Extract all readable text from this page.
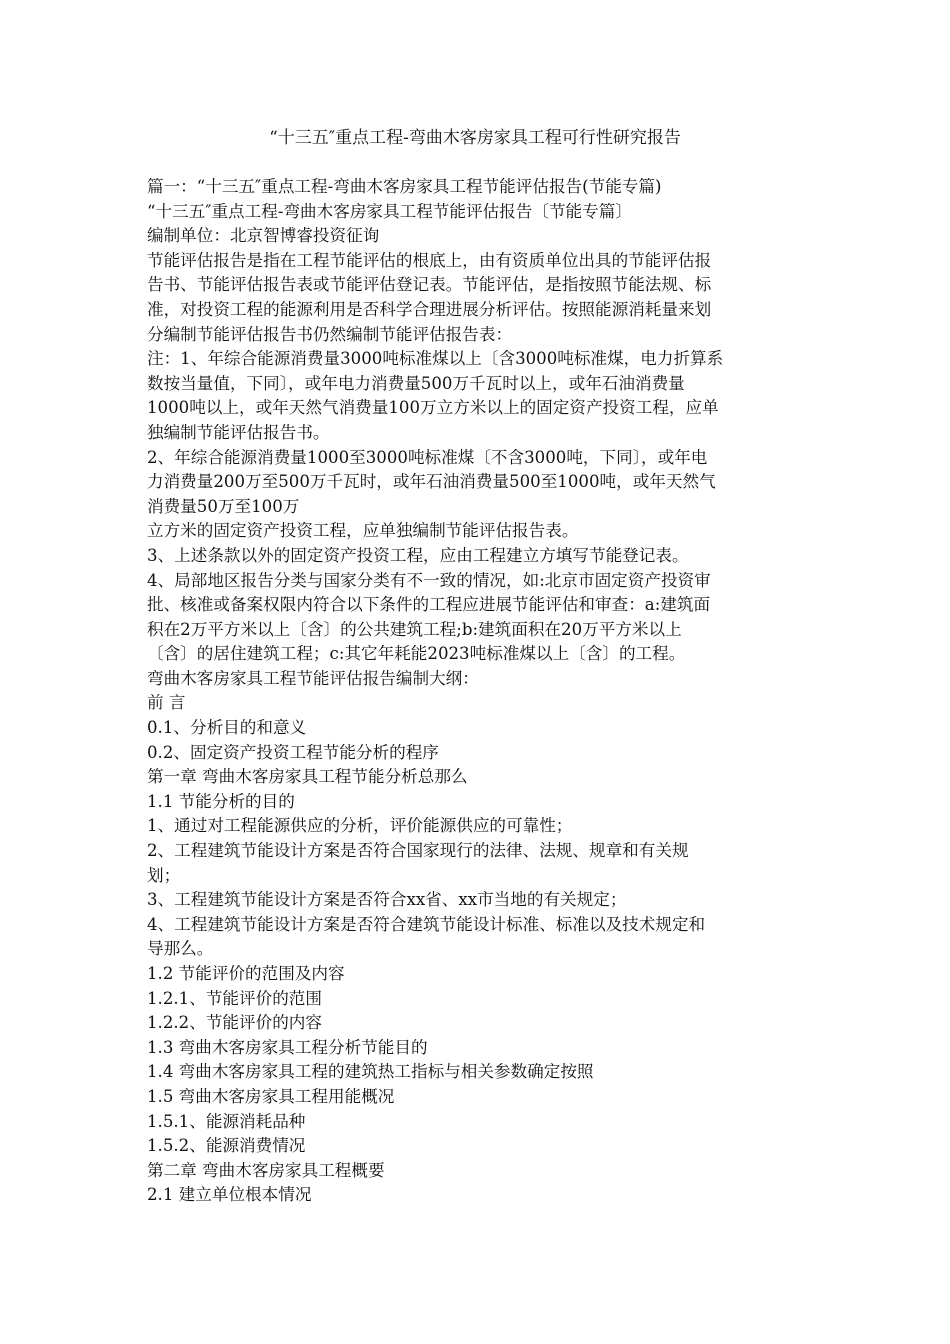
“十三五″重点工程-弯曲木客房家具工程可行性研究报告
篇一：“十三五″重点工程-弯曲木客房家具工程节能评估报告(节能专篇)
“十三五″重点工程-弯曲木客房家具工程节能评估报告〔节能专篇〕
编制单位：北京智博睿投资征询
节能评估报告是指在工程节能评估的根底上，由有资质单位出具的节能评估报
告书、节能评估报告表或节能评估登记表。节能评估，是指按照节能法规、标
准，对投资工程的能源利用是否科学合理进展分析评估。按照能源消耗量来划
分编制节能评估报告书仍然编制节能评估报告表：
注：1、年综合能源消费量3000吨标准煤以上〔含3000吨标准煤，电力折算系
数按当量值，下同〕，或年电力消费量500万千瓦时以上，或年石油消费量
1000吨以上，或年天然气消费量100万立方米以上的固定资产投资工程，应单
独编制节能评估报告书。
2、年综合能源消费量1000至3000吨标准煤〔不含3000吨，下同〕，或年电
力消费量200万至500万千瓦时，或年石油消费量500至1000吨，或年天然气
消费量50万至100万
立方米的固定资产投资工程，应单独编制节能评估报告表。
3、上述条款以外的固定资产投资工程，应由工程建立方填写节能登记表。
4、局部地区报告分类与国家分类有不一致的情况，如:北京市固定资产投资审
批、核准或备案权限内符合以下条件的工程应进展节能评估和审查：a:建筑面
积在2万平方米以上〔含〕的公共建筑工程;b:建筑面积在20万平方米以上
〔含〕的居住建筑工程；c:其它年耗能2023吨标准煤以上〔含〕的工程。
弯曲木客房家具工程节能评估报告编制大纲：
前 言
0.1、分析目的和意义
0.2、固定资产投资工程节能分析的程序
第一章 弯曲木客房家具工程节能分析总那么
1.1 节能分析的目的
1、通过对工程能源供应的分析，评价能源供应的可靠性；
2、工程建筑节能设计方案是否符合国家现行的法律、法规、规章和有关规
划；
3、工程建筑节能设计方案是否符合xx省、xx市当地的有关规定；
4、工程建筑节能设计方案是否符合建筑节能设计标准、标准以及技术规定和
导那么。
1.2 节能评价的范围及内容
1.2.1、节能评价的范围
1.2.2、节能评价的内容
1.3 弯曲木客房家具工程分析节能目的
1.4 弯曲木客房家具工程的建筑热工指标与相关参数确定按照
1.5 弯曲木客房家具工程用能概况
1.5.1、能源消耗品种
1.5.2、能源消费情况
第二章 弯曲木客房家具工程概要
2.1 建立单位根本情况
